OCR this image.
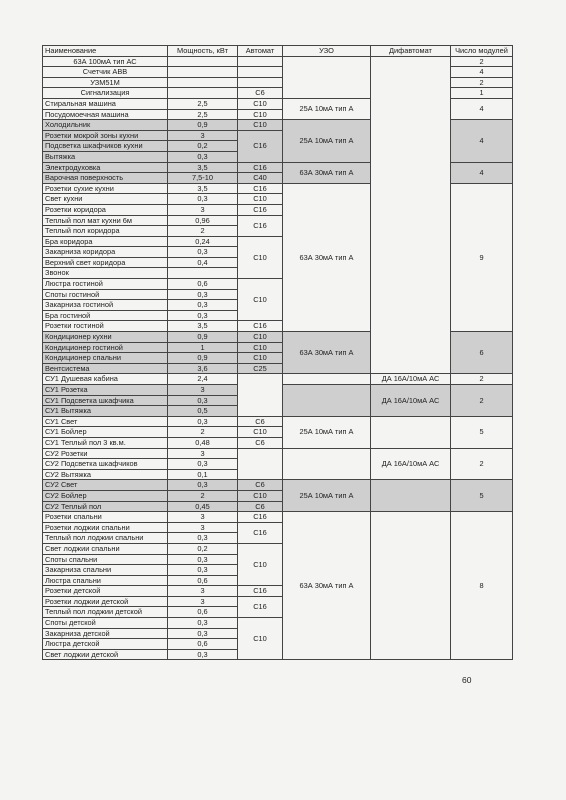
Наименование	Мощность, кВт	Автомат	УЗО	Дифавтомат	Число модулей
63А 100мА тип АС					2
Счетчик ABB					4
УЗМ51М					2
Сигнализация		C6			1
Стиральная машина	2,5	C10	25А 10мА тип А		4
Посудомоечная машина	2,5	C10			
Холодильник	0,9	C10	25А 10мА тип А		4
Розетки мокрой зоны кухни	3	C16			
Подсветка шкафчиков кухни	0,2				
Вытяжка	0,3				
Электродуховка	3,5	C16	63А 30мА тип А		4
Варочная поверхность	7,5-10	C40			
Розетки сухие кухни	3,5	C16	63А 30мА тип А		9
Свет кухни	0,3	C10			
Розетки коридора	3	C16			
Теплый пол мат кухни 6м	0,96	C16			
Теплый пол коридора	2				
Бра коридора	0,24	C10			
Закарниза коридора	0,3				
Верхний свет коридора	0,4				
Звонок					
Люстра гостиной	0,6	C10			
Споты гостиной	0,3				
Закарниза гостиной	0,3				
Бра гостиной	0,3				
Розетки гостиной	3,5	C16			
Кондиционер кухни	0,9	C10	63А 30мА тип А		6
Кондиционер гостиной	1	C10			
Кондиционер спальни	0,9	C10			
Вентсистема	3,6	C25			
СУ1 Душевая кабина	2,4			ДА 16А/10мА АС	2
СУ1 Розетка	3			ДА 16А/10мА АС	2
СУ1 Подсветка шкафчика	0,3				
СУ1 Вытяжка	0,5				
СУ1 Свет	0,3	C6	25А 10мА тип А		5
СУ1 Бойлер	2	C10			
СУ1 Теплый пол 3 кв.м.	0,48	C6			
СУ2 Розетки	3			ДА 16А/10мА АС	2
СУ2 Подсветка шкафчиков	0,3				
СУ2 Вытяжка	0,1				
СУ2 Свет	0,3	C6	25А 10мА тип А		5
СУ2 Бойлер	2	C10			
СУ2 Теплый пол	0,45	C6			
Розетки спальни	3	C16	63А 30мА тип А		8
Розетки лоджии спальни	3	C16			
Теплый пол лоджии спальни	0,3				
Свет лоджии спальни	0,2	C10			
Споты спальни	0,3				
Закарниза спальни	0,3				
Люстра спальни	0,6				
Розетки детской	3	C16			
Розетки лоджии детской	3	C16			
Теплый пол лоджии детской	0,6				
Споты детской	0,3	C10			
Закарниза детской	0,3				
Люстра детской	0,6				
Свет лоджии детской	0,3				
60
